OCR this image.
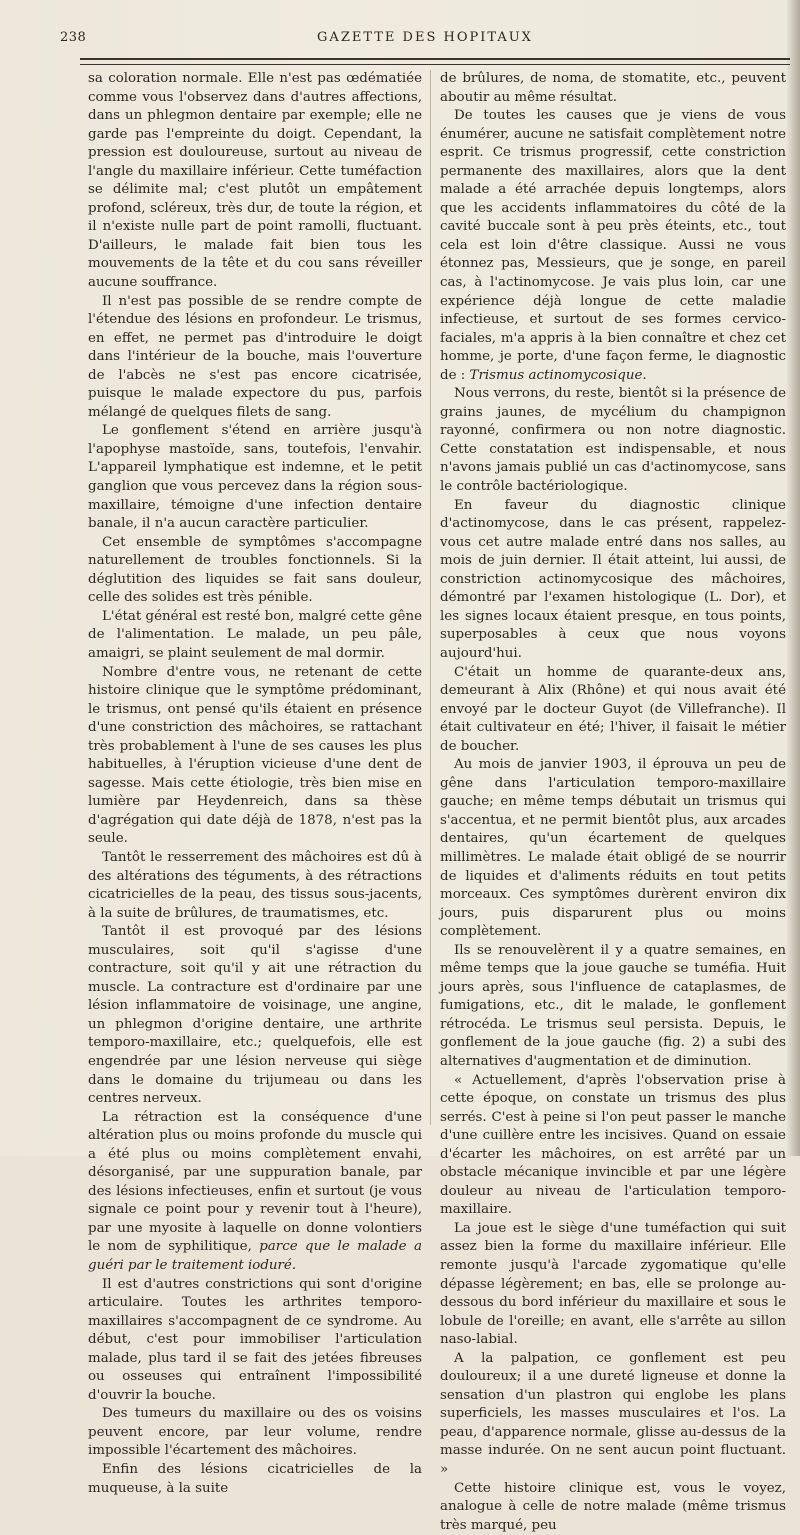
238	GAZETTE DES HOPITAUX

sa coloration normale. Elle n'est pas œdématiée comme vous l'observez dans d'autres affections, dans un phlegmon dentaire par exemple; elle ne garde pas l'empreinte du doigt. Cependant, la pression est douloureuse, surtout au niveau de l'angle du maxillaire inférieur. Cette tuméfaction se délimite mal; c'est plutôt un empâtement profond, scléreux, très dur, de toute la région, et il n'existe nulle part de point ramolli, fluctuant. D'ailleurs, le malade fait bien tous les mouvements de la tête et du cou sans réveiller aucune souffrance.

Il n'est pas possible de se rendre compte de l'étendue des lésions en profondeur. Le trismus, en effet, ne permet pas d'introduire le doigt dans l'intérieur de la bouche, mais l'ouverture de l'abcès ne s'est pas encore cicatrisée, puisque le malade expectore du pus, parfois mélangé de quelques filets de sang.

Le gonflement s'étend en arrière jusqu'à l'apophyse mastoïde, sans, toutefois, l'envahir. L'appareil lymphatique est indemne, et le petit ganglion que vous percevez dans la région sous-maxillaire, témoigne d'une infection dentaire banale, il n'a aucun caractère particulier.

Cet ensemble de symptômes s'accompagne naturellement de troubles fonctionnels. Si la déglutition des liquides se fait sans douleur, celle des solides est très pénible.

L'état général est resté bon, malgré cette gêne de l'alimentation. Le malade, un peu pâle, amaigri, se plaint seulement de mal dormir.

Nombre d'entre vous, ne retenant de cette histoire clinique que le symptôme prédominant, le trismus, ont pensé qu'ils étaient en présence d'une constriction des mâchoires, se rattachant très probablement à l'une de ses causes les plus habituelles, à l'éruption vicieuse d'une dent de sagesse. Mais cette étiologie, très bien mise en lumière par Heydenreich, dans sa thèse d'agrégation qui date déjà de 1878, n'est pas la seule.

Tantôt le resserrement des mâchoires est dû à des altérations des téguments, à des rétractions cicatricielles de la peau, des tissus sous-jacents, à la suite de brûlures, de traumatismes, etc.

Tantôt il est provoqué par des lésions musculaires, soit qu'il s'agisse d'une contracture, soit qu'il y ait une rétraction du muscle. La contracture est d'ordinaire par une lésion inflammatoire de voisinage, une angine, un phlegmon d'origine dentaire, une arthrite temporo-maxillaire, etc.; quelquefois, elle est engendrée par une lésion nerveuse qui siège dans le domaine du trijumeau ou dans les centres nerveux.

La rétraction est la conséquence d'une altération plus ou moins profonde du muscle qui a été plus ou moins complètement envahi, désorganisé, par une suppuration banale, par des lésions infectieuses, enfin et surtout (je vous signale ce point pour y revenir tout à l'heure), par une myosite à laquelle on donne volontiers le nom de syphilitique, parce que le malade a guéri par le traitement ioduré.

Il est d'autres constrictions qui sont d'origine articulaire. Toutes les arthrites temporo-maxillaires s'accompagnent de ce syndrome. Au début, c'est pour immobiliser l'articulation malade, plus tard il se fait des jetées fibreuses ou osseuses qui entraînent l'impossibilité d'ouvrir la bouche.

Des tumeurs du maxillaire ou des os voisins peuvent encore, par leur volume, rendre impossible l'écartement des mâchoires.

Enfin des lésions cicatricielles de la muqueuse, à la suite

de brûlures, de noma, de stomatite, etc., peuvent aboutir au même résultat.

De toutes les causes que je viens de vous énumérer, aucune ne satisfait complètement notre esprit. Ce trismus progressif, cette constriction permanente des maxillaires, alors que la dent malade a été arrachée depuis longtemps, alors que les accidents inflammatoires du côté de la cavité buccale sont à peu près éteints, etc., tout cela est loin d'être classique. Aussi ne vous étonnez pas, Messieurs, que je songe, en pareil cas, à l'actinomycose. Je vais plus loin, car une expérience déjà longue de cette maladie infectieuse, et surtout de ses formes cervico-faciales, m'a appris à la bien connaître et chez cet homme, je porte, d'une façon ferme, le diagnostic de : Trismus actinomycosique.

Nous verrons, du reste, bientôt si la présence de grains jaunes, de mycélium du champignon rayonné, confirmera ou non notre diagnostic. Cette constatation est indispensable, et nous n'avons jamais publié un cas d'actinomycose, sans le contrôle bactériologique.

En faveur du diagnostic clinique d'actinomycose, dans le cas présent, rappelez-vous cet autre malade entré dans nos salles, au mois de juin dernier. Il était atteint, lui aussi, de constriction actinomycosique des mâchoires, démontré par l'examen histologique (L. Dor), et les signes locaux étaient presque, en tous points, superposables à ceux que nous voyons aujourd'hui.

C'était un homme de quarante-deux ans, demeurant à Alix (Rhône) et qui nous avait été envoyé par le docteur Guyot (de Villefranche). Il était cultivateur en été; l'hiver, il faisait le métier de boucher.

Au mois de janvier 1903, il éprouva un peu de gêne dans l'articulation temporo-maxillaire gauche; en même temps débutait un trismus qui s'accentua, et ne permit bientôt plus, aux arcades dentaires, qu'un écartement de quelques millimètres. Le malade était obligé de se nourrir de liquides et d'aliments réduits en tout petits morceaux. Ces symptômes durèrent environ dix jours, puis disparurent plus ou moins complètement.

Ils se renouvelèrent il y a quatre semaines, en même temps que la joue gauche se tuméfia. Huit jours après, sous l'influence de cataplasmes, de fumigations, etc., dit le malade, le gonflement rétrocéda. Le trismus seul persista. Depuis, le gonflement de la joue gauche (fig. 2) a subi des alternatives d'augmentation et de diminution.

« Actuellement, d'après l'observation prise à cette époque, on constate un trismus des plus serrés. C'est à peine si l'on peut passer le manche d'une cuillère entre les incisives. Quand on essaie d'écarter les mâchoires, on est arrêté par un obstacle mécanique invincible et par une légère douleur au niveau de l'articulation temporo-maxillaire.

La joue est le siège d'une tuméfaction qui suit assez bien la forme du maxillaire inférieur. Elle remonte jusqu'à l'arcade zygomatique qu'elle dépasse légèrement; en bas, elle se prolonge au-dessous du bord inférieur du maxillaire et sous le lobule de l'oreille; en avant, elle s'arrête au sillon naso-labial.

A la palpation, ce gonflement est peu douloureux; il a une dureté ligneuse et donne la sensation d'un plastron qui englobe les plans superficiels, les masses musculaires et l'os. La peau, d'apparence normale, glisse au-dessus de la masse indurée. On ne sent aucun point fluctuant. »

Cette histoire clinique est, vous le voyez, analogue à celle de notre malade (même trismus très marqué, peu
